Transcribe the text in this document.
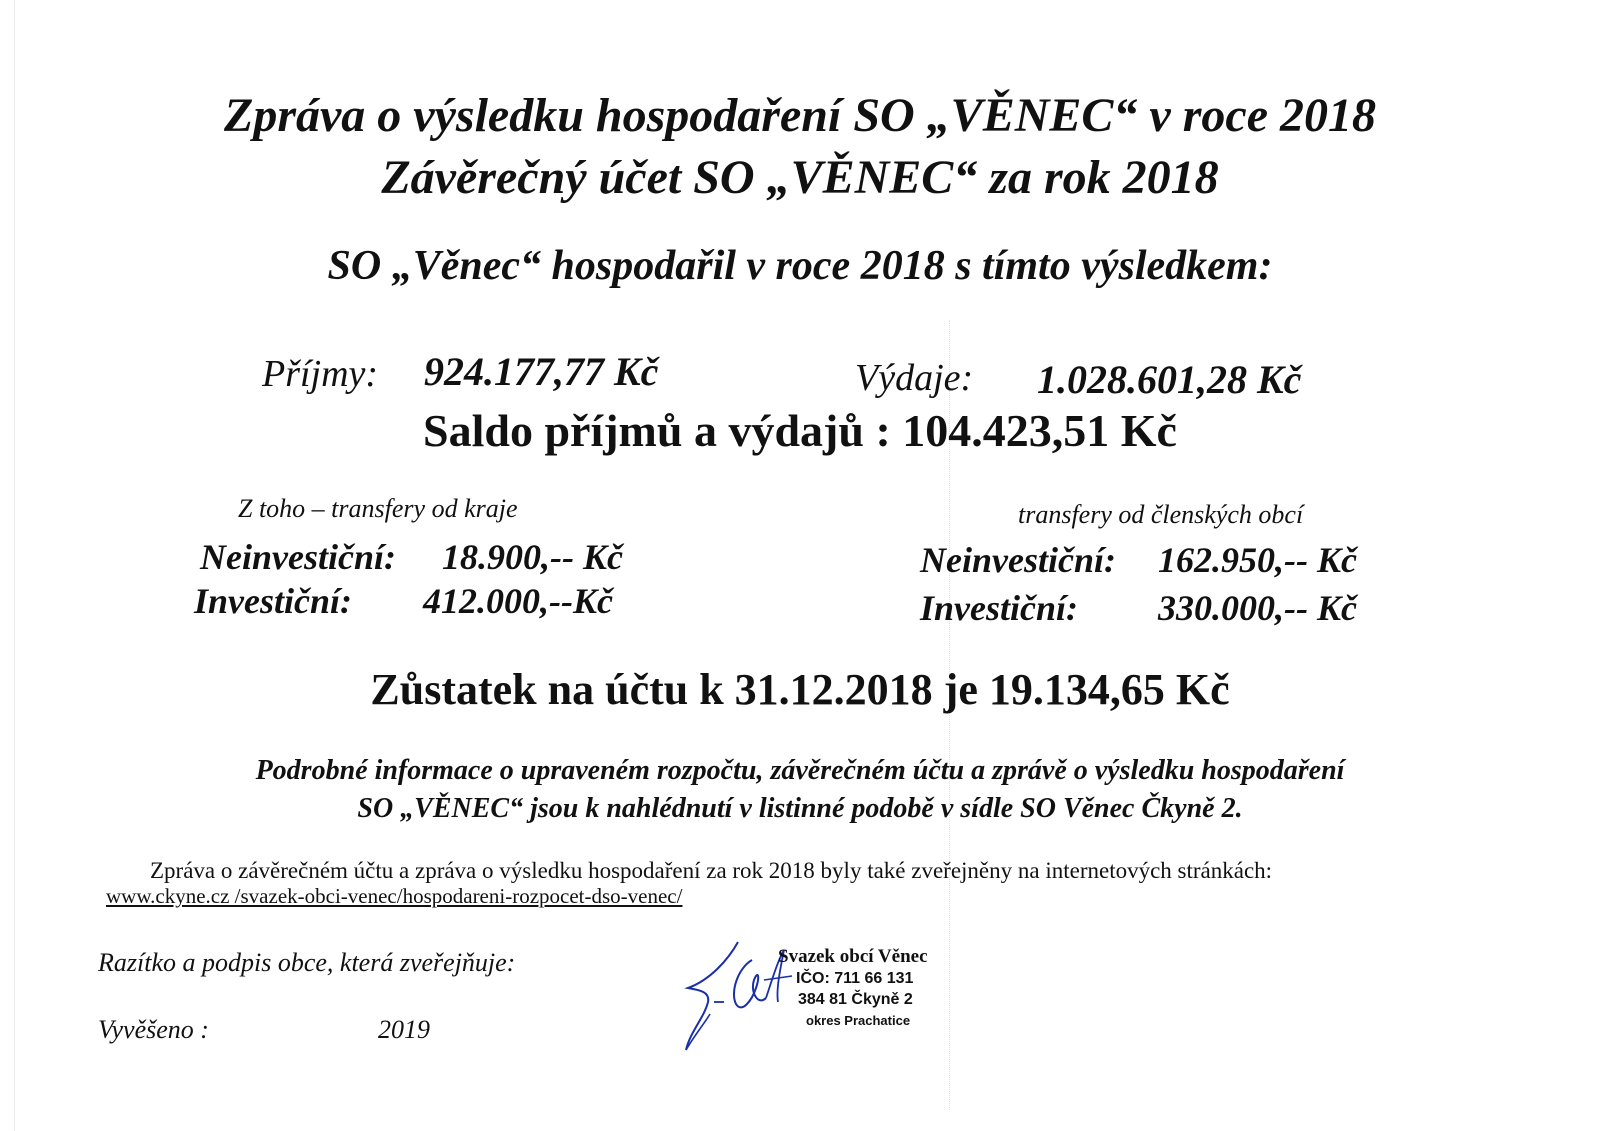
Zpráva o výsledku hospodaření SO „VĚNEC“ v roce 2018
Závěrečný účet SO „VĚNEC“ za rok 2018
SO „Věnec“ hospodařil v roce 2018 s tímto výsledkem:
Příjmy: 924.177,77 Kč	Výdaje: 1.028.601,28 Kč
Saldo příjmů a výdajů : 104.423,51 Kč
Z toho – transfery od kraje	transfery od členských obcí
Neinvestiční: 18.900,-- Kč
Investiční: 412.000,--Kč
Neinvestiční: 162.950,-- Kč
Investiční: 330.000,-- Kč
Zůstatek na účtu k 31.12.2018 je 19.134,65 Kč
Podrobné informace o upraveném rozpočtu, závěrečném účtu a zprávě o výsledku hospodaření
SO „VĚNEC“ jsou k nahlédnutí v listinné podobě v sídle SO Věnec Čkyně 2.
Zpráva o závěrečném účtu a zpráva o výsledku hospodaření za rok 2018 byly také zveřejněny na internetových stránkách:
www.ckyne.cz /svazek-obci-venec/hospodareni-rozpocet-dso-venec/
Razítko a podpis obce, která zveřejňuje:
Vyvěšeno :	2019
Svazek obcí Věnec
IČO: 711 66 131
384 81 Čkyně 2
okres Prachatice
